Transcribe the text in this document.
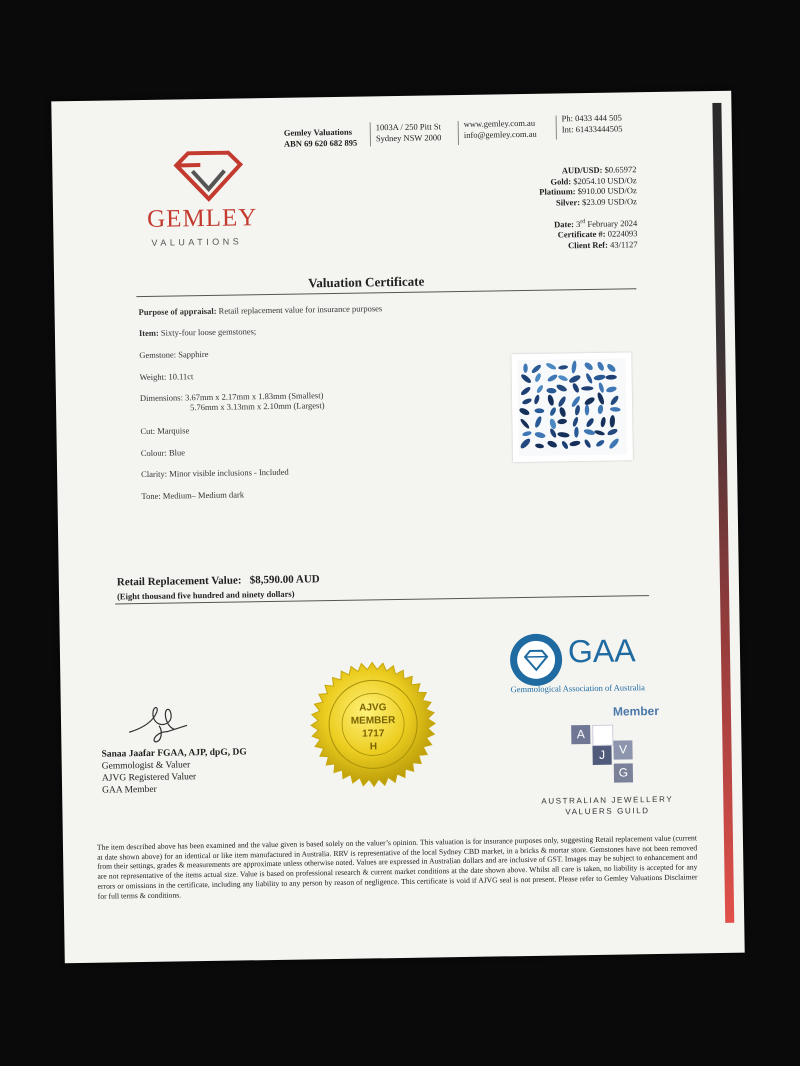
Gemley Valuations
ABN 69 620 682 895
1003A / 250 Pitt St
Sydney NSW 2000
www.gemley.com.au
info@gemley.com.au
Ph: 0433 444 505
Int: 61433444505
GEMLEY
VALUATIONS
AUD/USD: $0.65972
Gold: $2054.10 USD/Oz
Platinum: $910.00 USD/Oz
Silver: $23.09 USD/Oz
Date: 3rd February 2024
Certificate #: 0224093
Client Ref: 43/1127
Valuation Certificate
Purpose of appraisal: Retail replacement value for insurance purposes
Item: Sixty-four loose gemstones;
Gemstone: Sapphire
Weight: 10.11ct
Dimensions: 3.67mm x 2.17mm x 1.83mm (Smallest)
5.76mm x 3.13mm x 2.10mm (Largest)
Cut: Marquise
Colour: Blue
Clarity: Minor visible inclusions - Included
Tone: Medium– Medium dark
Retail Replacement Value: $8,590.00 AUD
(Eight thousand five hundred and ninety dollars)
GAA
Gemmological Association of Australia
Member
A
V
J
G
AUSTRALIAN JEWELLERY
VALUERS GUILD
AJVG
MEMBER
1717
H
Sanaa Jaafar FGAA, AJP, dpG, DG
Gemmologist & Valuer
AJVG Registered Valuer
GAA Member
The item described above has been examined and the value given is based solely on the valuer’s opinion. This valuation is for insurance purposes only, suggesting Retail replacement value (current at date shown above) for an identical or like item manufactured in Australia. RRV is representative of the local Sydney CBD market, in a bricks & mortar store. Gemstones have not been removed from their settings, grades & measurements are approximate unless otherwise noted. Values are expressed in Australian dollars and are inclusive of GST. Images may be subject to enhancement and are not representative of the items actual size. Value is based on professional research & current market conditions at the date shown above. Whilst all care is taken, no liability is accepted for any errors or omissions in the certificate, including any liability to any person by reason of negligence. This certificate is void if AJVG seal is not present. Please refer to Gemley Valuations Disclaimer for full terms & conditions.
